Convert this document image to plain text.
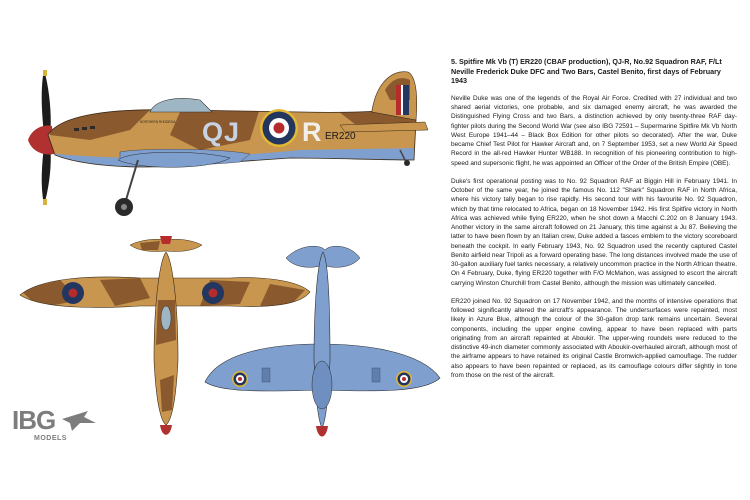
QJ R ER220
NORTHERN RHODESIA
IBG
MODELS

5. Spitfire Mk Vb (T) ER220 (CBAF production), QJ-R, No.92 Squadron RAF, F/Lt Neville Frederick Duke DFC and Two Bars, Castel Benito, first days of February 1943

Neville Duke was one of the legends of the Royal Air Force. Credited with 27 individual and two shared aerial victories, one probable, and six damaged enemy aircraft, he was awarded the Distinguished Flying Cross and two Bars, a distinction achieved by only twenty-three RAF day-fighter pilots during the Second World War (see also IBG 72591 – Supermarine Spitfire Mk Vb North West Europe 1941–44 – Black Box Edition for other pilots so decorated). After the war, Duke became Chief Test Pilot for Hawker Aircraft and, on 7 September 1953, set a new World Air Speed Record in the all-red Hawker Hunter WB188. In recognition of his pioneering contribution to high-speed and supersonic flight, he was appointed an Officer of the Order of the British Empire (OBE).

Duke's first operational posting was to No. 92 Squadron RAF at Biggin Hill in February 1941. In October of the same year, he joined the famous No. 112 "Shark" Squadron RAF in North Africa, where his victory tally began to rise rapidly. His second tour with his favourite No. 92 Squadron, which by that time relocated to Africa, began on 18 November 1942. His first Spitfire victory in North Africa was achieved while flying ER220, when he shot down a Macchi C.202 on 8 January 1943. Another victory in the same aircraft followed on 21 January, this time against a Ju 87. Believing the latter to have been flown by an Italian crew, Duke added a fasces emblem to the victory scoreboard beneath the cockpit. In early February 1943, No. 92 Squadron used the recently captured Castel Benito airfield near Tripoli as a forward operating base. The long distances involved made the use of 30-gallon auxiliary fuel tanks necessary, a relatively uncommon practice in the North African theatre. On 4 February, Duke, flying ER220 together with F/O McMahon, was assigned to escort the aircraft carrying Winston Churchill from Castel Benito, although the mission was ultimately cancelled.

ER220 joined No. 92 Squadron on 17 November 1942, and the months of intensive operations that followed significantly altered the aircraft's appearance. The undersurfaces were repainted, most likely in Azure Blue, although the colour of the 30-gallon drop tank remains uncertain. Several components, including the upper engine cowling, appear to have been replaced with parts originating from an aircraft repainted at Aboukir. The upper-wing roundels were reduced to the distinctive 49-inch diameter commonly associated with Aboukir-overhauled aircraft, although most of the airframe appears to have retained its original Castle Bromwich-applied camouflage. The rudder also appears to have been repainted or replaced, as its camouflage colours differ slightly in tone from those on the rest of the aircraft.
